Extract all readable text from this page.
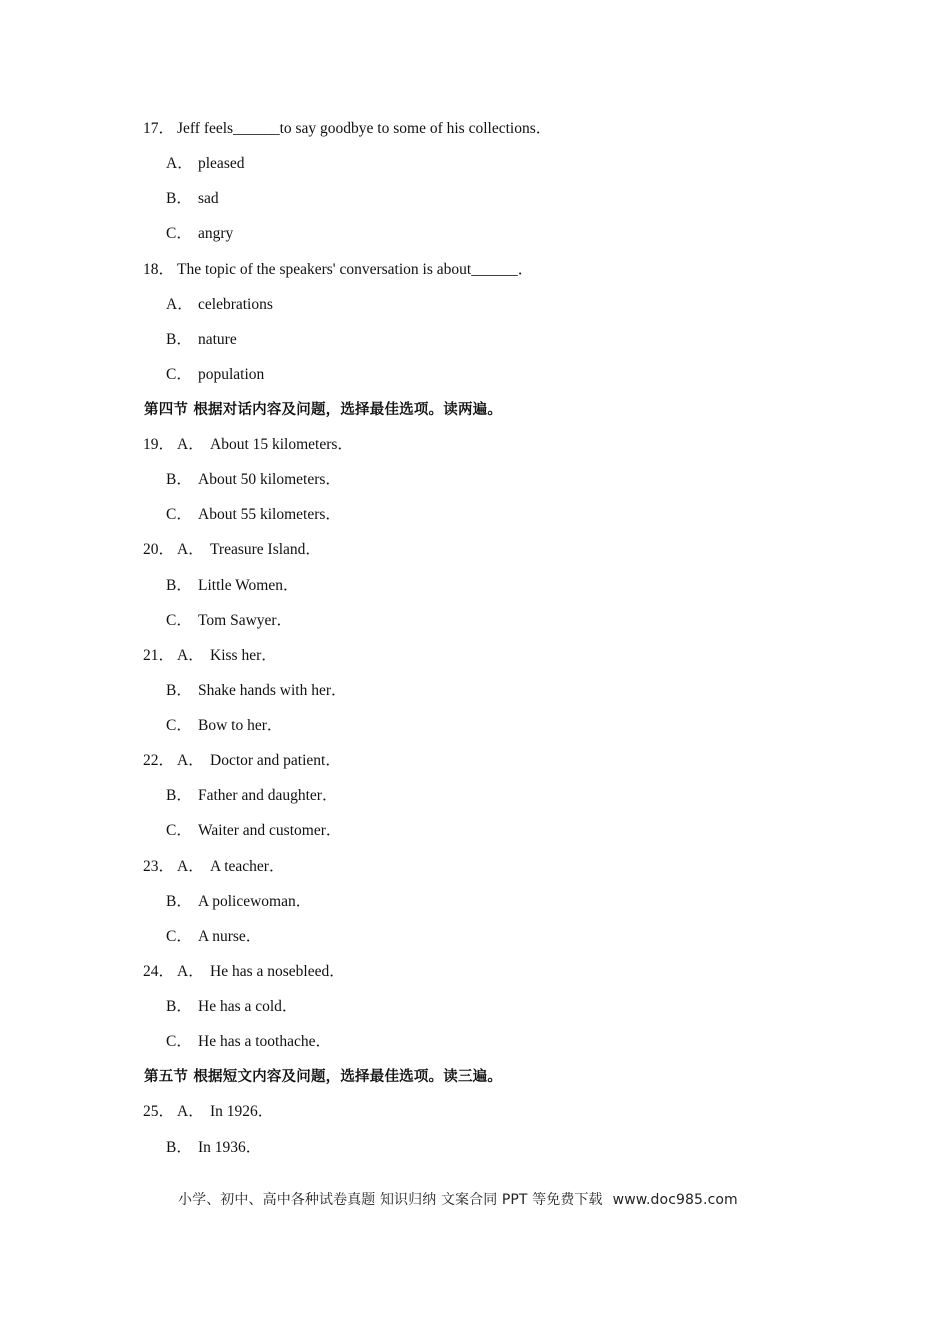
17． Jeff feels______to say goodbye to some of his collections．
A． pleased
B． sad
C． angry
18． The topic of the speakers' conversation is about______．
A． celebrations
B． nature
C． population
第四节 根据对话内容及问题，选择最佳选项。读两遍。
19． A． About 15 kilometers．
B． About 50 kilometers．
C． About 55 kilometers．
20． A． Treasure Island．
B． Little Women．
C． Tom Sawyer．
21． A． Kiss her．
B． Shake hands with her．
C． Bow to her．
22． A． Doctor and patient．
B． Father and daughter．
C． Waiter and customer．
23． A． A teacher．
B． A policewoman．
C． A nurse．
24． A． He has a nosebleed．
B． He has a cold．
C． He has a toothache．
第五节 根据短文内容及问题，选择最佳选项。读三遍。
25． A． In 1926．
B． In 1936．
小学、初中、高中各种试卷真题 知识归纳 文案合同 PPT 等免费下载 www.doc985.com
